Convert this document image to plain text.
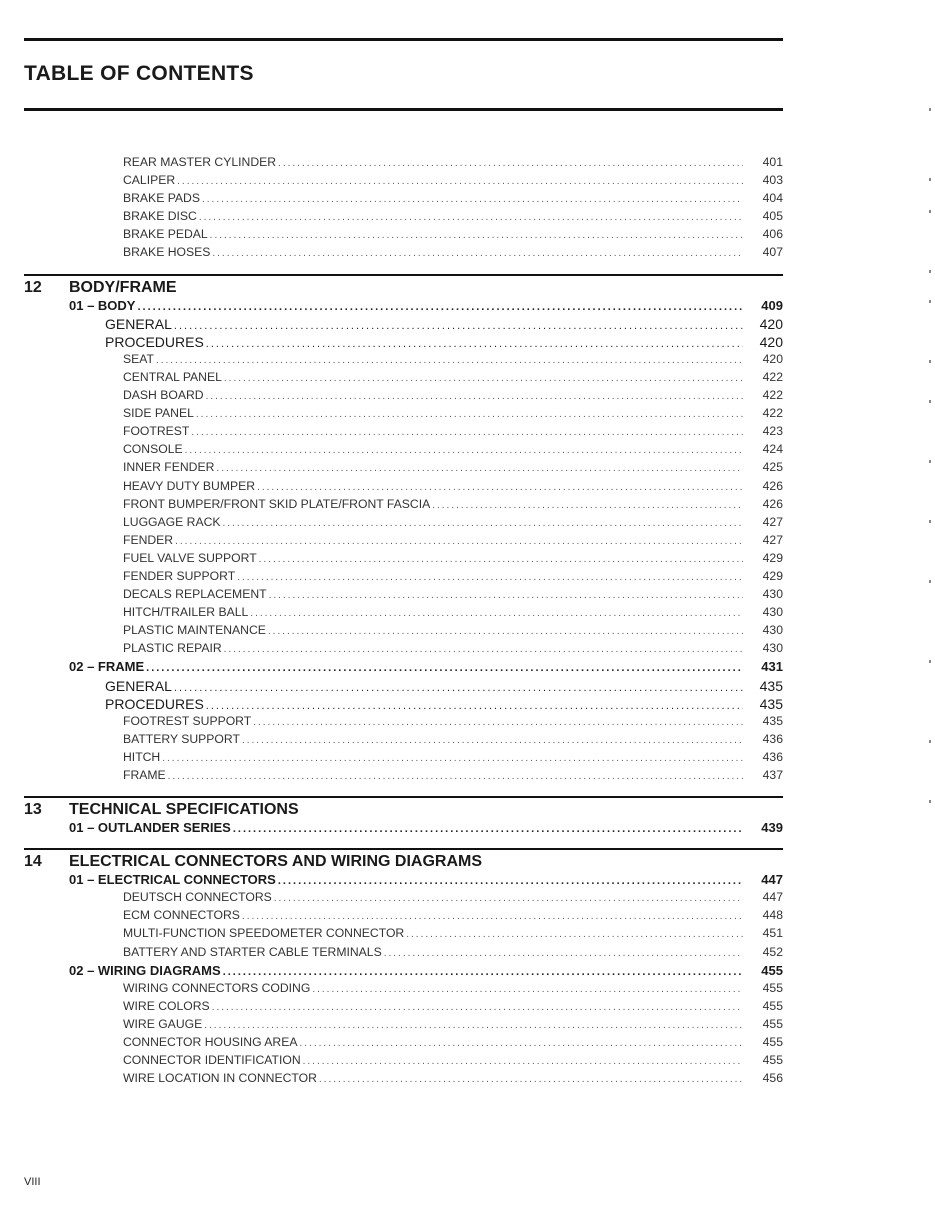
TABLE OF CONTENTS
REAR MASTER CYLINDER .....	401
CALIPER .....	403
BRAKE PADS .....	404
BRAKE DISC .....	405
BRAKE PEDAL .....	406
BRAKE HOSES .....	407
12	BODY/FRAME
01 – BODY .....	409
GENERAL .....	420
PROCEDURES .....	420
SEAT .....	420
CENTRAL PANEL .....	422
DASH BOARD .....	422
SIDE PANEL .....	422
FOOTREST .....	423
CONSOLE .....	424
INNER FENDER .....	425
HEAVY DUTY BUMPER .....	426
FRONT BUMPER/FRONT SKID PLATE/FRONT FASCIA .....	426
LUGGAGE RACK .....	427
FENDER .....	427
FUEL VALVE SUPPORT .....	429
FENDER SUPPORT .....	429
DECALS REPLACEMENT .....	430
HITCH/TRAILER BALL .....	430
PLASTIC MAINTENANCE .....	430
PLASTIC REPAIR .....	430
02 – FRAME .....	431
GENERAL .....	435
PROCEDURES .....	435
FOOTREST SUPPORT .....	435
BATTERY SUPPORT .....	436
HITCH .....	436
FRAME .....	437
13	TECHNICAL SPECIFICATIONS
01 – OUTLANDER SERIES .....	439
14	ELECTRICAL CONNECTORS AND WIRING DIAGRAMS
01 – ELECTRICAL CONNECTORS .....	447
DEUTSCH CONNECTORS .....	447
ECM CONNECTORS .....	448
MULTI-FUNCTION SPEEDOMETER CONNECTOR .....	451
BATTERY AND STARTER CABLE TERMINALS .....	452
02 – WIRING DIAGRAMS .....	455
WIRING CONNECTORS CODING .....	455
WIRE COLORS .....	455
WIRE GAUGE .....	455
CONNECTOR HOUSING AREA .....	455
CONNECTOR IDENTIFICATION .....	455
WIRE LOCATION IN CONNECTOR .....	456
VIII
